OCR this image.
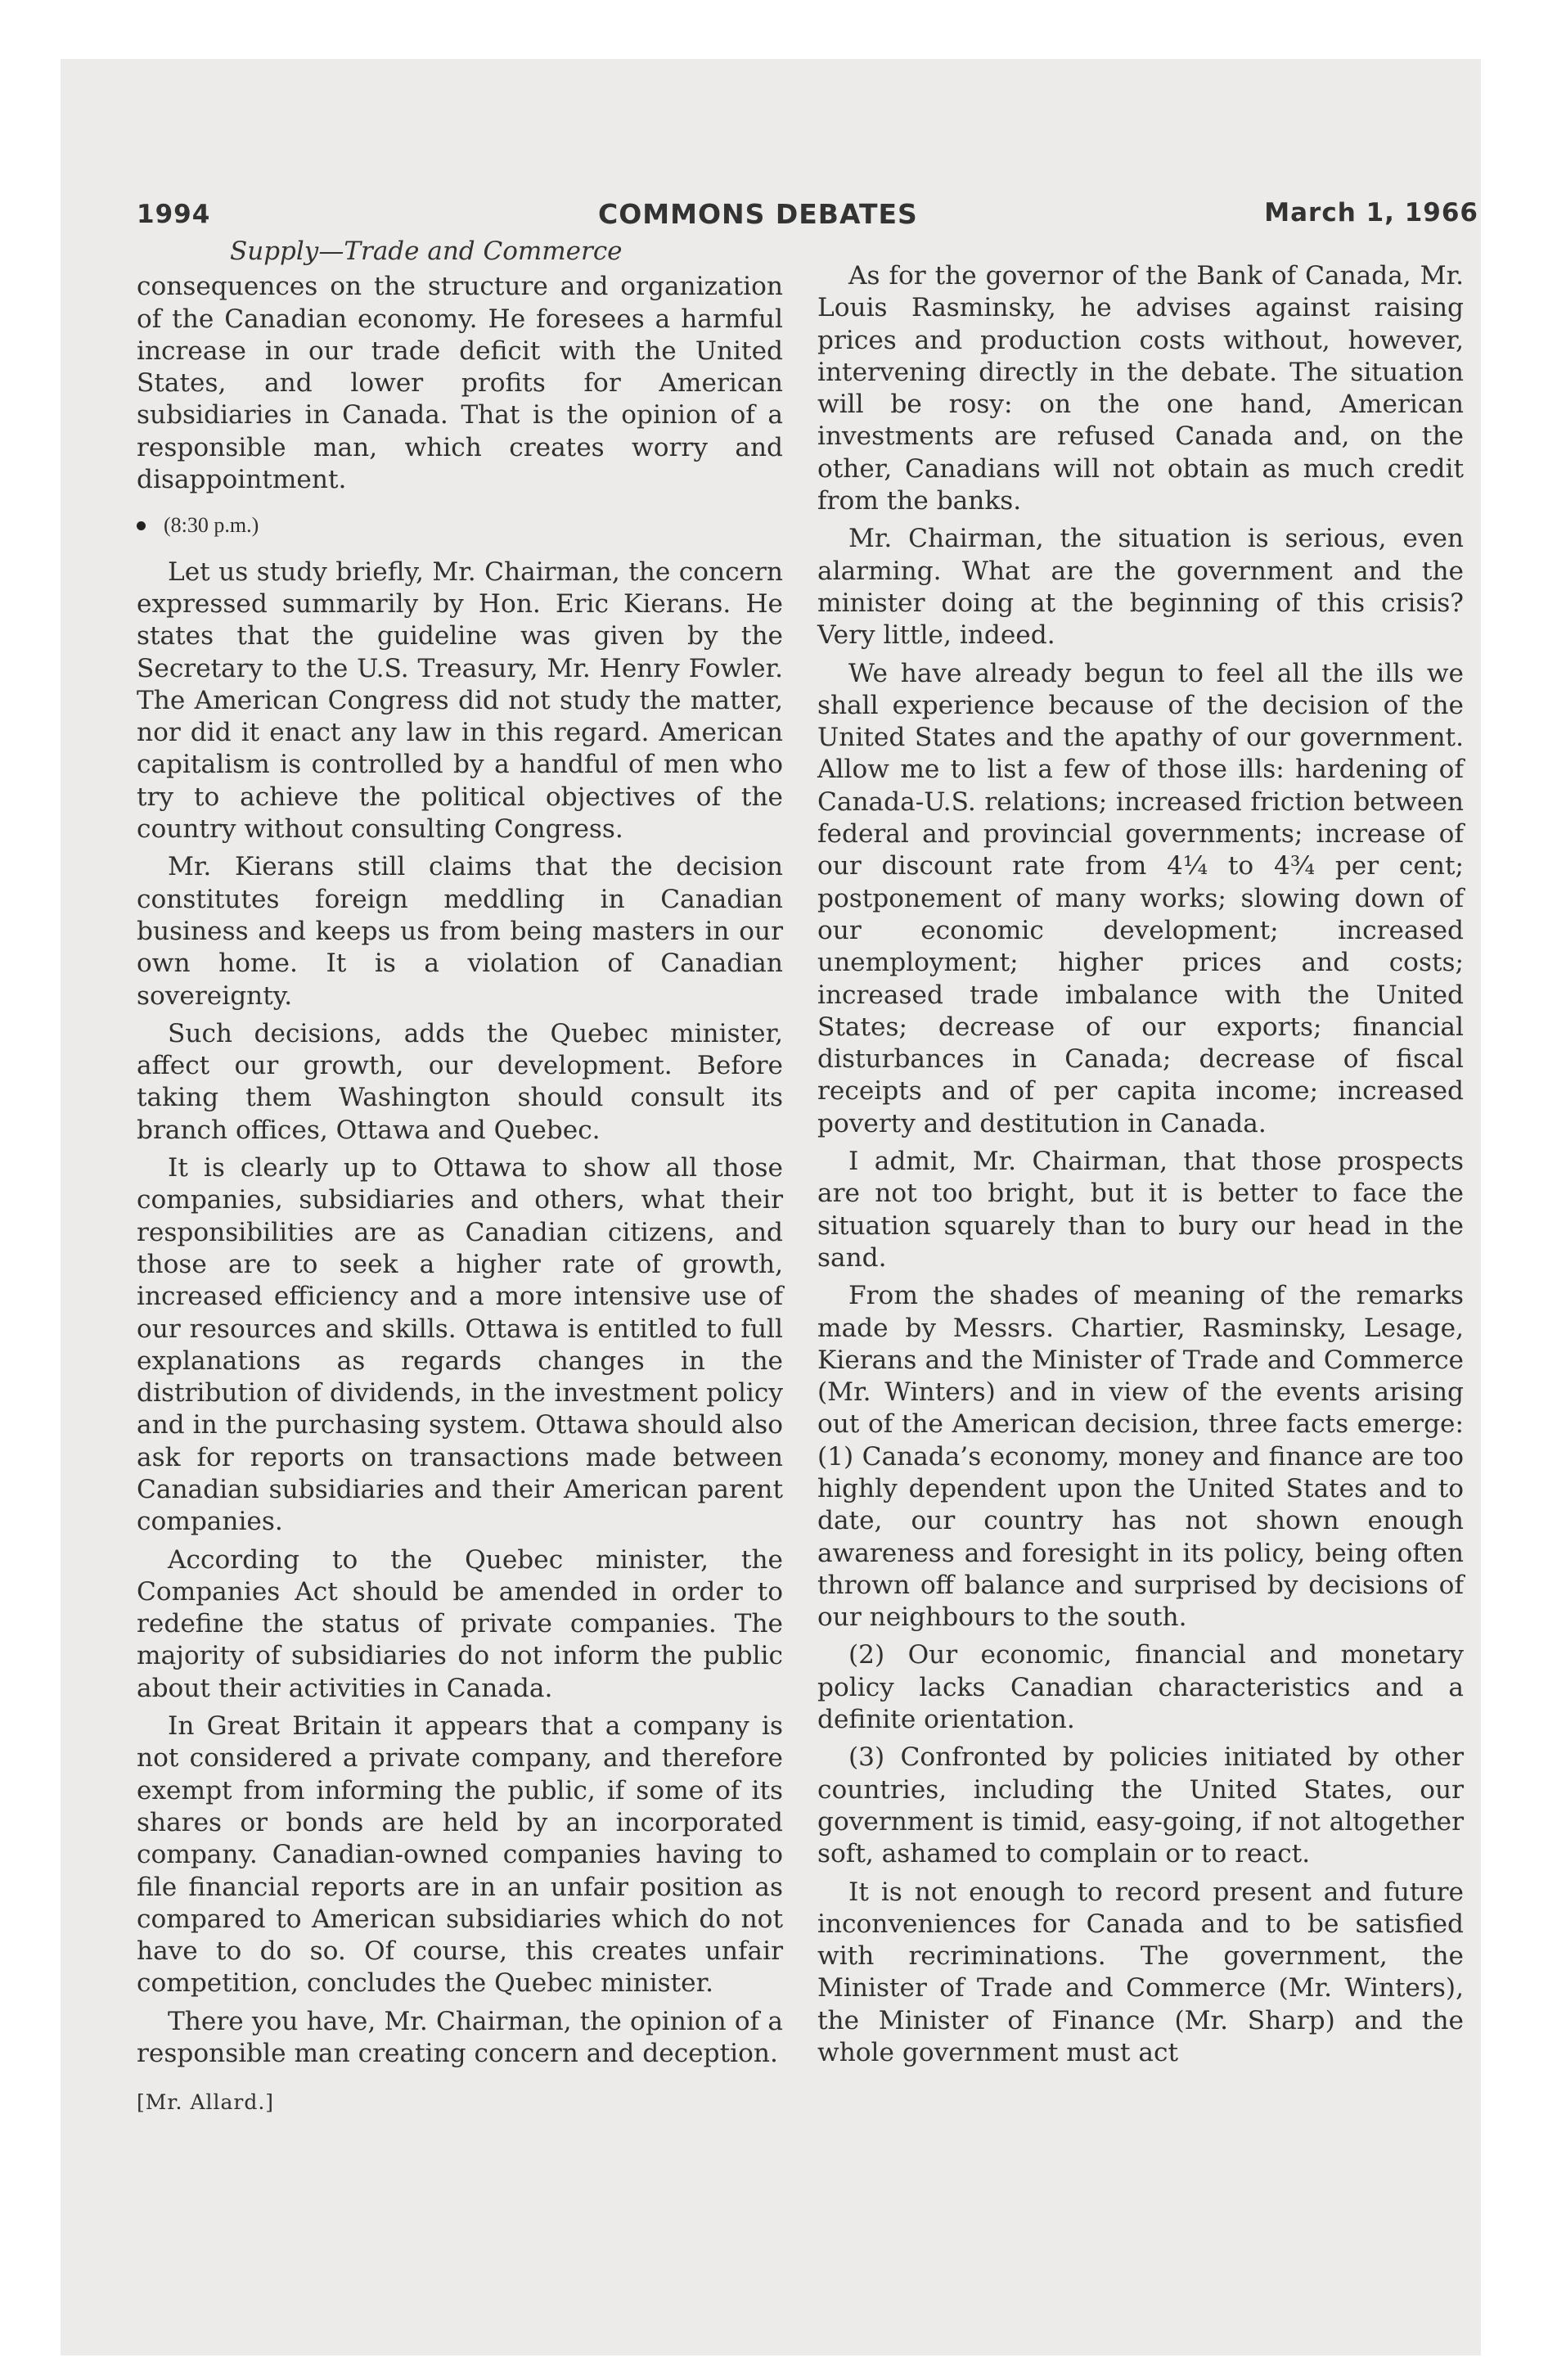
1994	COMMONS DEBATES	March 1, 1966
Supply—Trade and Commerce

consequences on the structure and organization of the Canadian economy. He foresees a harmful increase in our trade deficit with the United States, and lower profits for American subsidiaries in Canada. That is the opinion of a responsible man, which creates worry and disappointment.

(8:30 p.m.)

Let us study briefly, Mr. Chairman, the concern expressed summarily by Hon. Eric Kierans. He states that the guideline was given by the Secretary to the U.S. Treasury, Mr. Henry Fowler. The American Congress did not study the matter, nor did it enact any law in this regard. American capitalism is controlled by a handful of men who try to achieve the political objectives of the country without consulting Congress.

Mr. Kierans still claims that the decision constitutes foreign meddling in Canadian business and keeps us from being masters in our own home. It is a violation of Canadian sovereignty.

Such decisions, adds the Quebec minister, affect our growth, our development. Before taking them Washington should consult its branch offices, Ottawa and Quebec.

It is clearly up to Ottawa to show all those companies, subsidiaries and others, what their responsibilities are as Canadian citizens, and those are to seek a higher rate of growth, increased efficiency and a more intensive use of our resources and skills. Ottawa is entitled to full explanations as regards changes in the distribution of dividends, in the investment policy and in the purchasing system. Ottawa should also ask for reports on transactions made between Canadian subsidiaries and their American parent companies.

According to the Quebec minister, the Companies Act should be amended in order to redefine the status of private companies. The majority of subsidiaries do not inform the public about their activities in Canada.

In Great Britain it appears that a company is not considered a private company, and therefore exempt from informing the public, if some of its shares or bonds are held by an incorporated company. Canadian-owned companies having to file financial reports are in an unfair position as compared to American subsidiaries which do not have to do so. Of course, this creates unfair competition, concludes the Quebec minister.

There you have, Mr. Chairman, the opinion of a responsible man creating concern and deception.

[Mr. Allard.]

As for the governor of the Bank of Canada, Mr. Louis Rasminsky, he advises against raising prices and production costs without, however, intervening directly in the debate. The situation will be rosy: on the one hand, American investments are refused Canada and, on the other, Canadians will not obtain as much credit from the banks.

Mr. Chairman, the situation is serious, even alarming. What are the government and the minister doing at the beginning of this crisis? Very little, indeed.

We have already begun to feel all the ills we shall experience because of the decision of the United States and the apathy of our government. Allow me to list a few of those ills: hardening of Canada-U.S. relations; increased friction between federal and provincial governments; increase of our discount rate from 4¼ to 4¾ per cent; postponement of many works; slowing down of our economic development; increased unemployment; higher prices and costs; increased trade imbalance with the United States; decrease of our exports; financial disturbances in Canada; decrease of fiscal receipts and of per capita income; increased poverty and destitution in Canada.

I admit, Mr. Chairman, that those prospects are not too bright, but it is better to face the situation squarely than to bury our head in the sand.

From the shades of meaning of the remarks made by Messrs. Chartier, Rasminsky, Lesage, Kierans and the Minister of Trade and Commerce (Mr. Winters) and in view of the events arising out of the American decision, three facts emerge: (1) Canada’s economy, money and finance are too highly dependent upon the United States and to date, our country has not shown enough awareness and foresight in its policy, being often thrown off balance and surprised by decisions of our neighbours to the south.

(2) Our economic, financial and monetary policy lacks Canadian characteristics and a definite orientation.

(3) Confronted by policies initiated by other countries, including the United States, our government is timid, easy-going, if not altogether soft, ashamed to complain or to react.

It is not enough to record present and future inconveniences for Canada and to be satisfied with recriminations. The government, the Minister of Trade and Commerce (Mr. Winters), the Minister of Finance (Mr. Sharp) and the whole government must act
